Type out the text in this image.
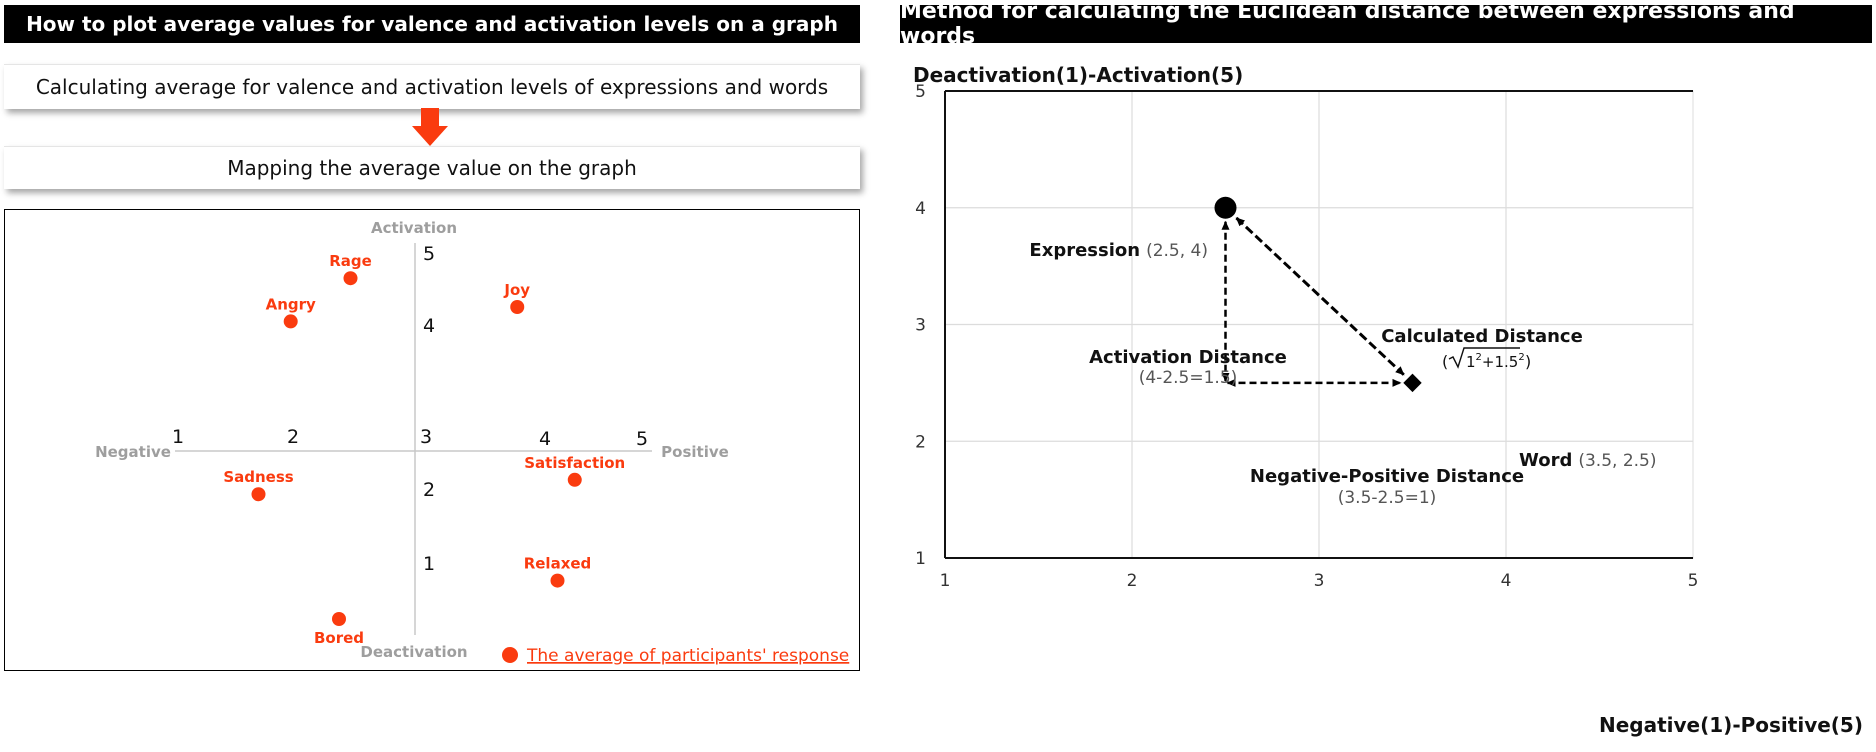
How to plot average values for valence and activation levels on a graph
Calculating average for valence and activation levels of expressions and words
Mapping the average value on the graph
Activation
Deactivation
Negative	Positive
1	2	3	4	5
5
4
2
1
Rage
Angry
Joy
Sadness
Satisfaction
Relaxed
Bored
The average of participants' response
Method for calculating the Euclidean distance between expressions and words
Deactivation(1)-Activation(5)
Negative(1)-Positive(5)
1	2	3	4	5
1
2
3
4
5
Expression (2.5, 4)
Word (3.5, 2.5)
Calculated Distance
( $1^2+1.5^2$ )
Activation Distance
(4-2.5=1.5)
Negative-Positive Distance
(3.5-2.5=1)
